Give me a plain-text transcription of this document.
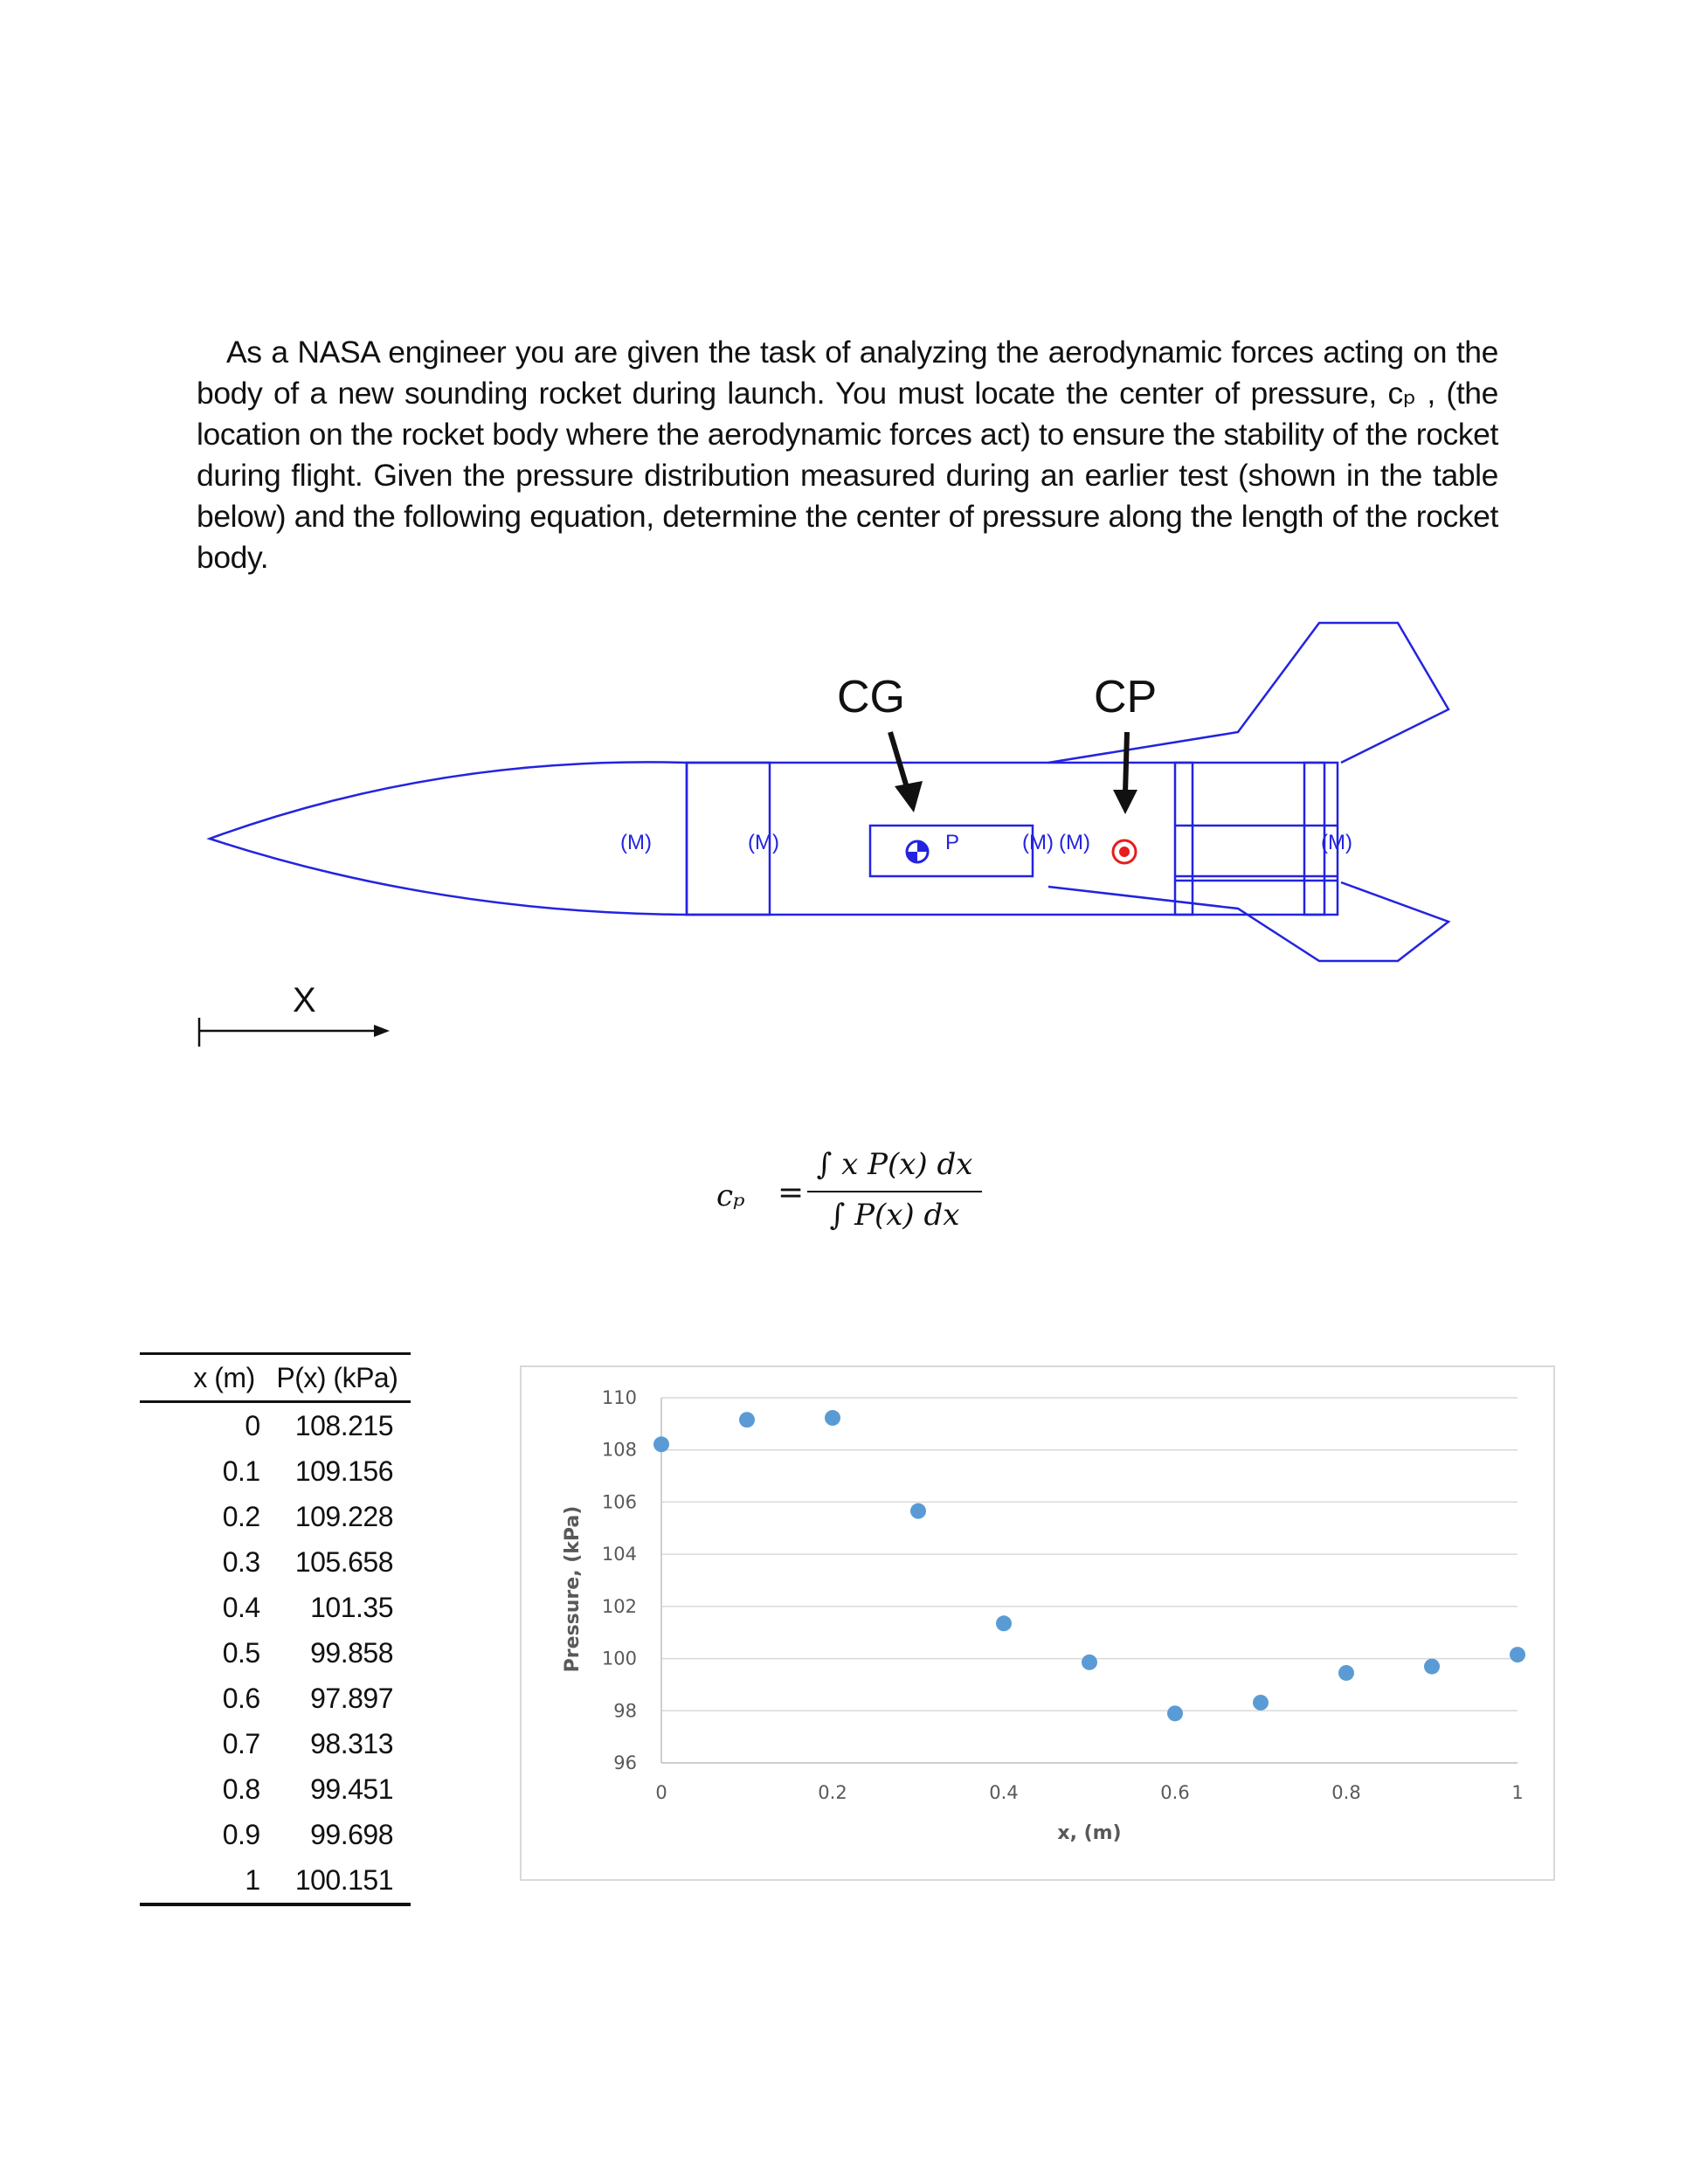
As a NASA engineer you are given the task of analyzing the aerodynamic forces acting on the body of a new sounding rocket during launch. You must locate the center of pressure, cₚ , (the location on the rocket body where the aerodynamic forces act) to ensure the stability of the rocket during flight. Given the pressure distribution measured during an earlier test (shown in the table below) and the following equation, determine the center of pressure along the length of the rocket body.

(M)	(M)	(M) (M)	(M)
P
CG	CP
X
cₚ =
∫ x P(x) dx
∫ P(x) dx
x (m)	P(x) (kPa)
0	108.215
0.1	109.156
0.2	109.228
0.3	105.658
0.4	101.35
0.5	99.858
0.6	97.897
0.7	98.313
0.8	99.451
0.9	99.698
1	100.151
96
98
100
102
104
106
108
110
0	0.2	0.4	0.6	0.8	1
x, (m)
Pressure, (kPa)
